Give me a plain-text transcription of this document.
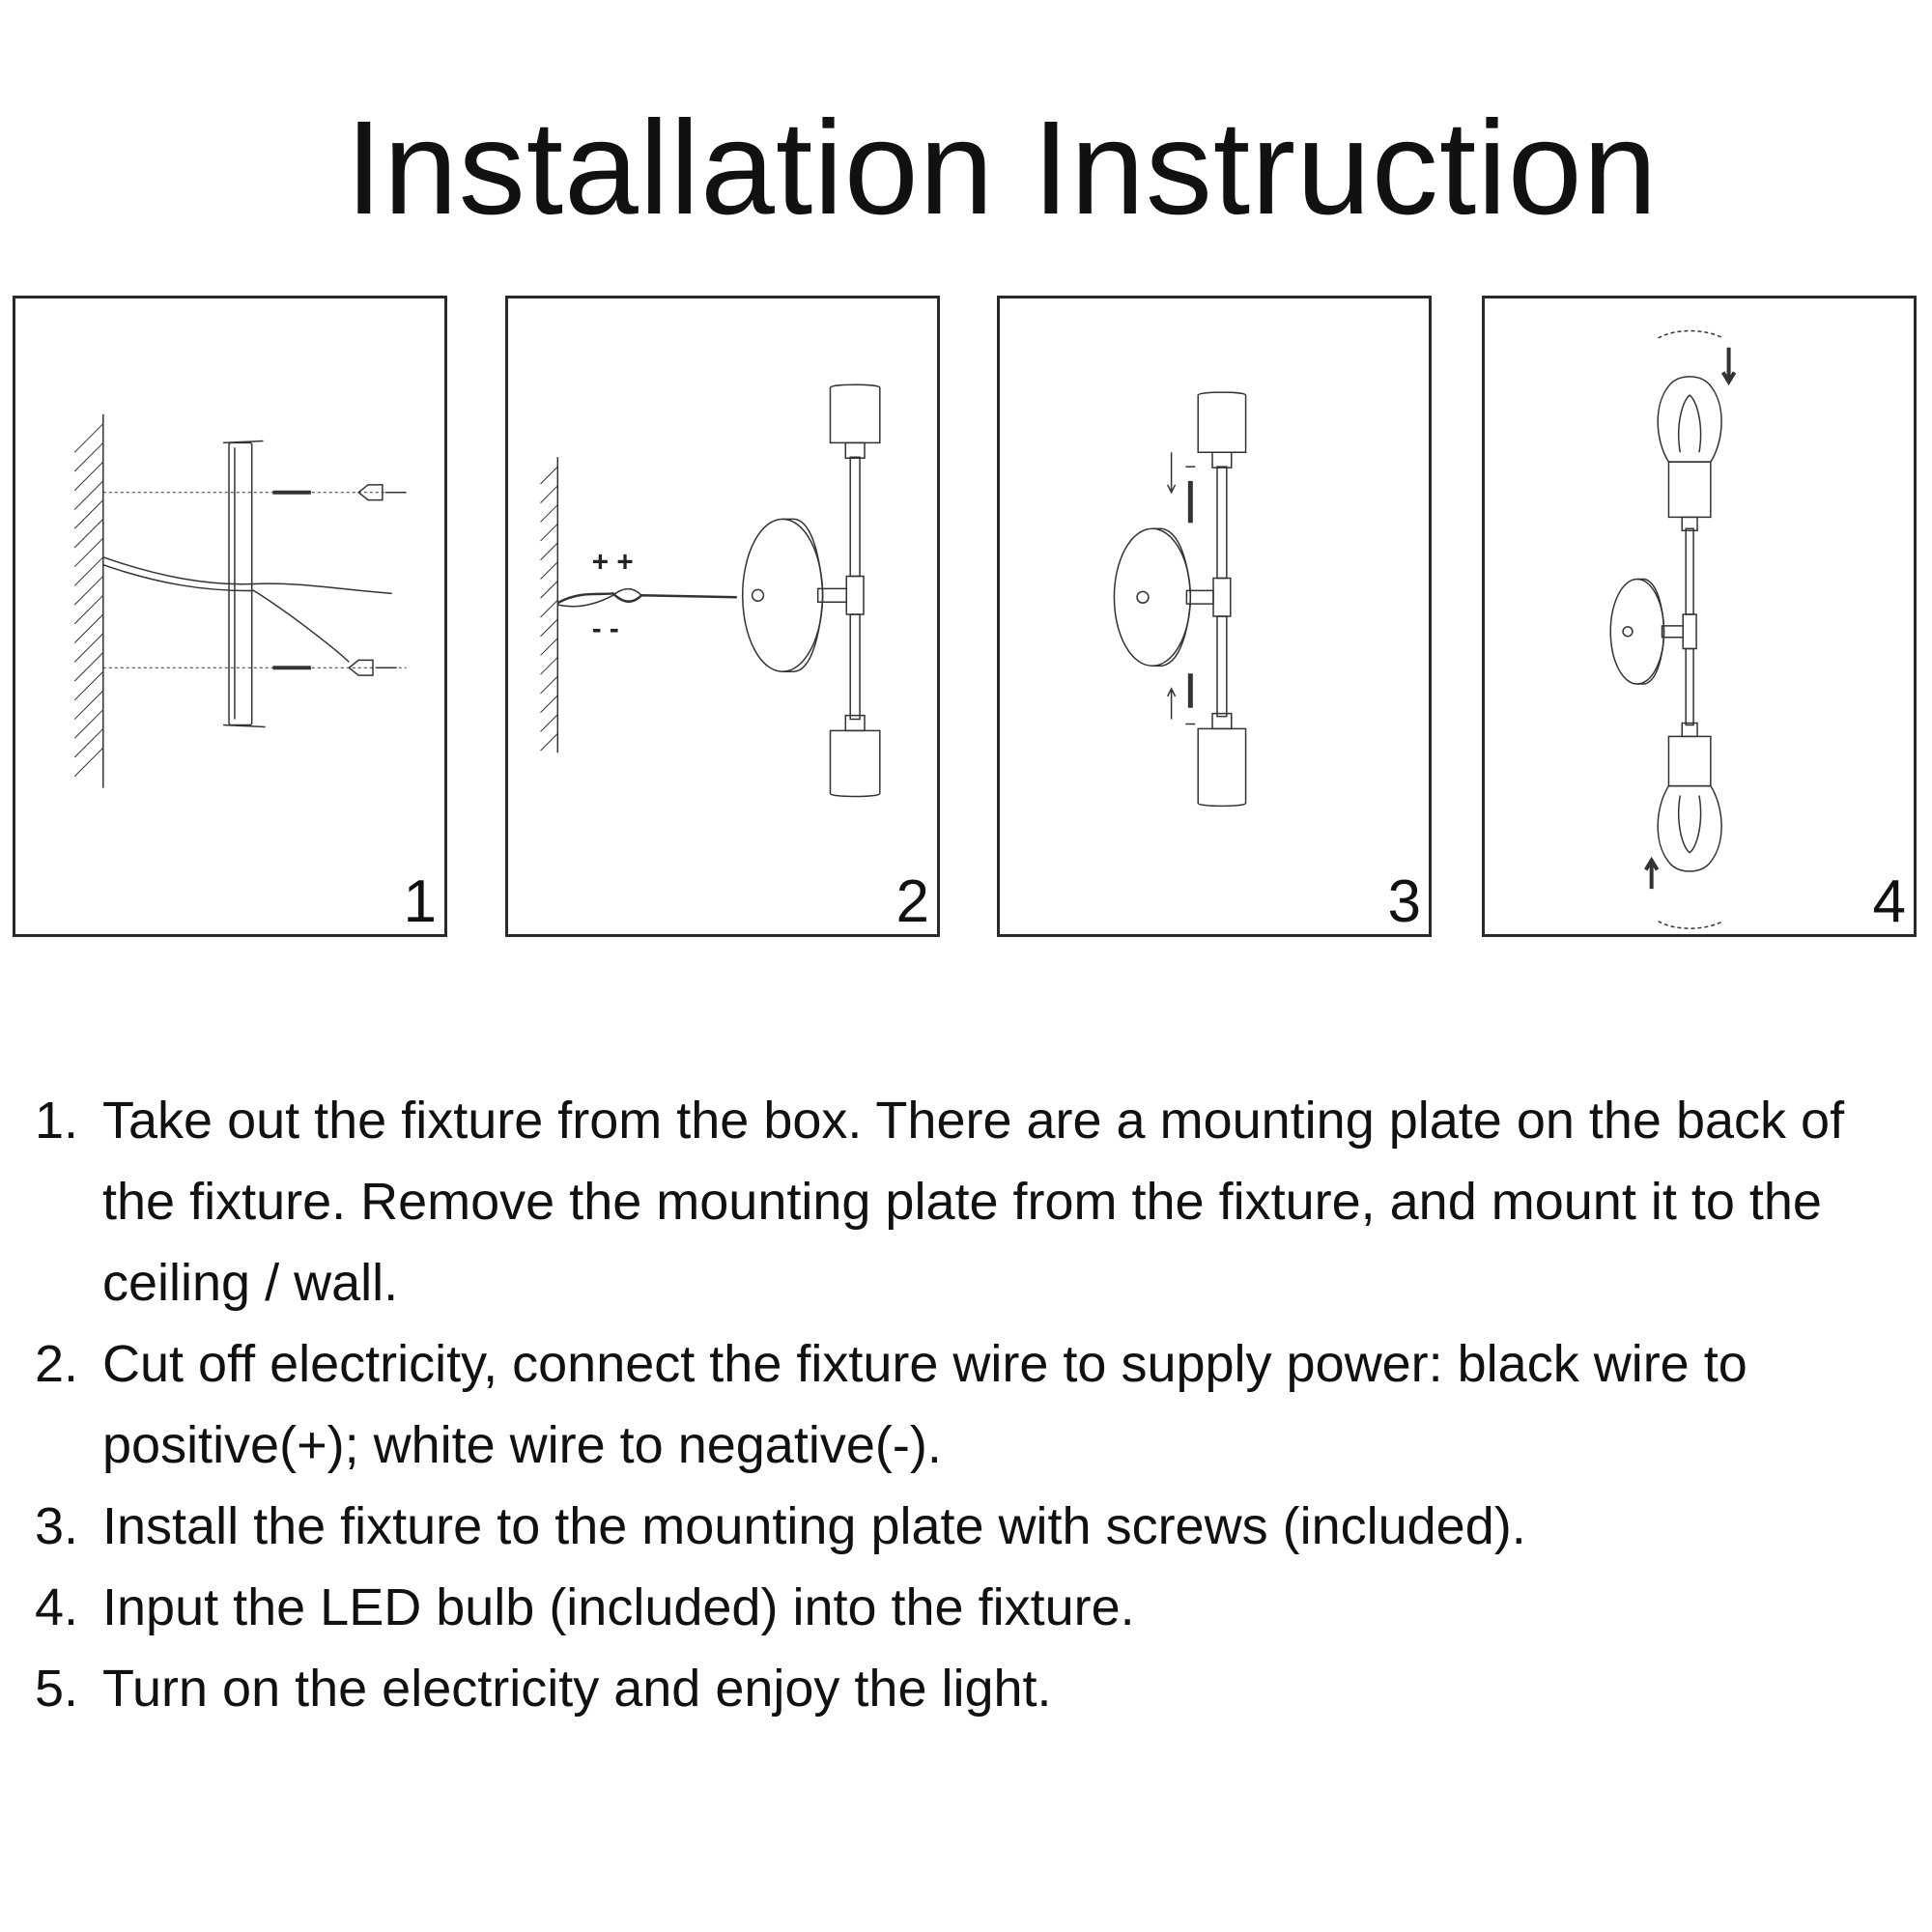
Installation Instruction
1
+ +
- -
2	3	4
1. Take out the fixture from the box. There are a mounting plate on the back of the fixture. Remove the mounting plate from the fixture, and mount it to the ceiling / wall.
2. Cut off electricity, connect the fixture wire to supply power: black wire to positive(+); white wire to negative(-).
3. Install the fixture to the mounting plate with screws (included).
4. Input the LED bulb (included) into the fixture.
5. Turn on the electricity and enjoy the light.
